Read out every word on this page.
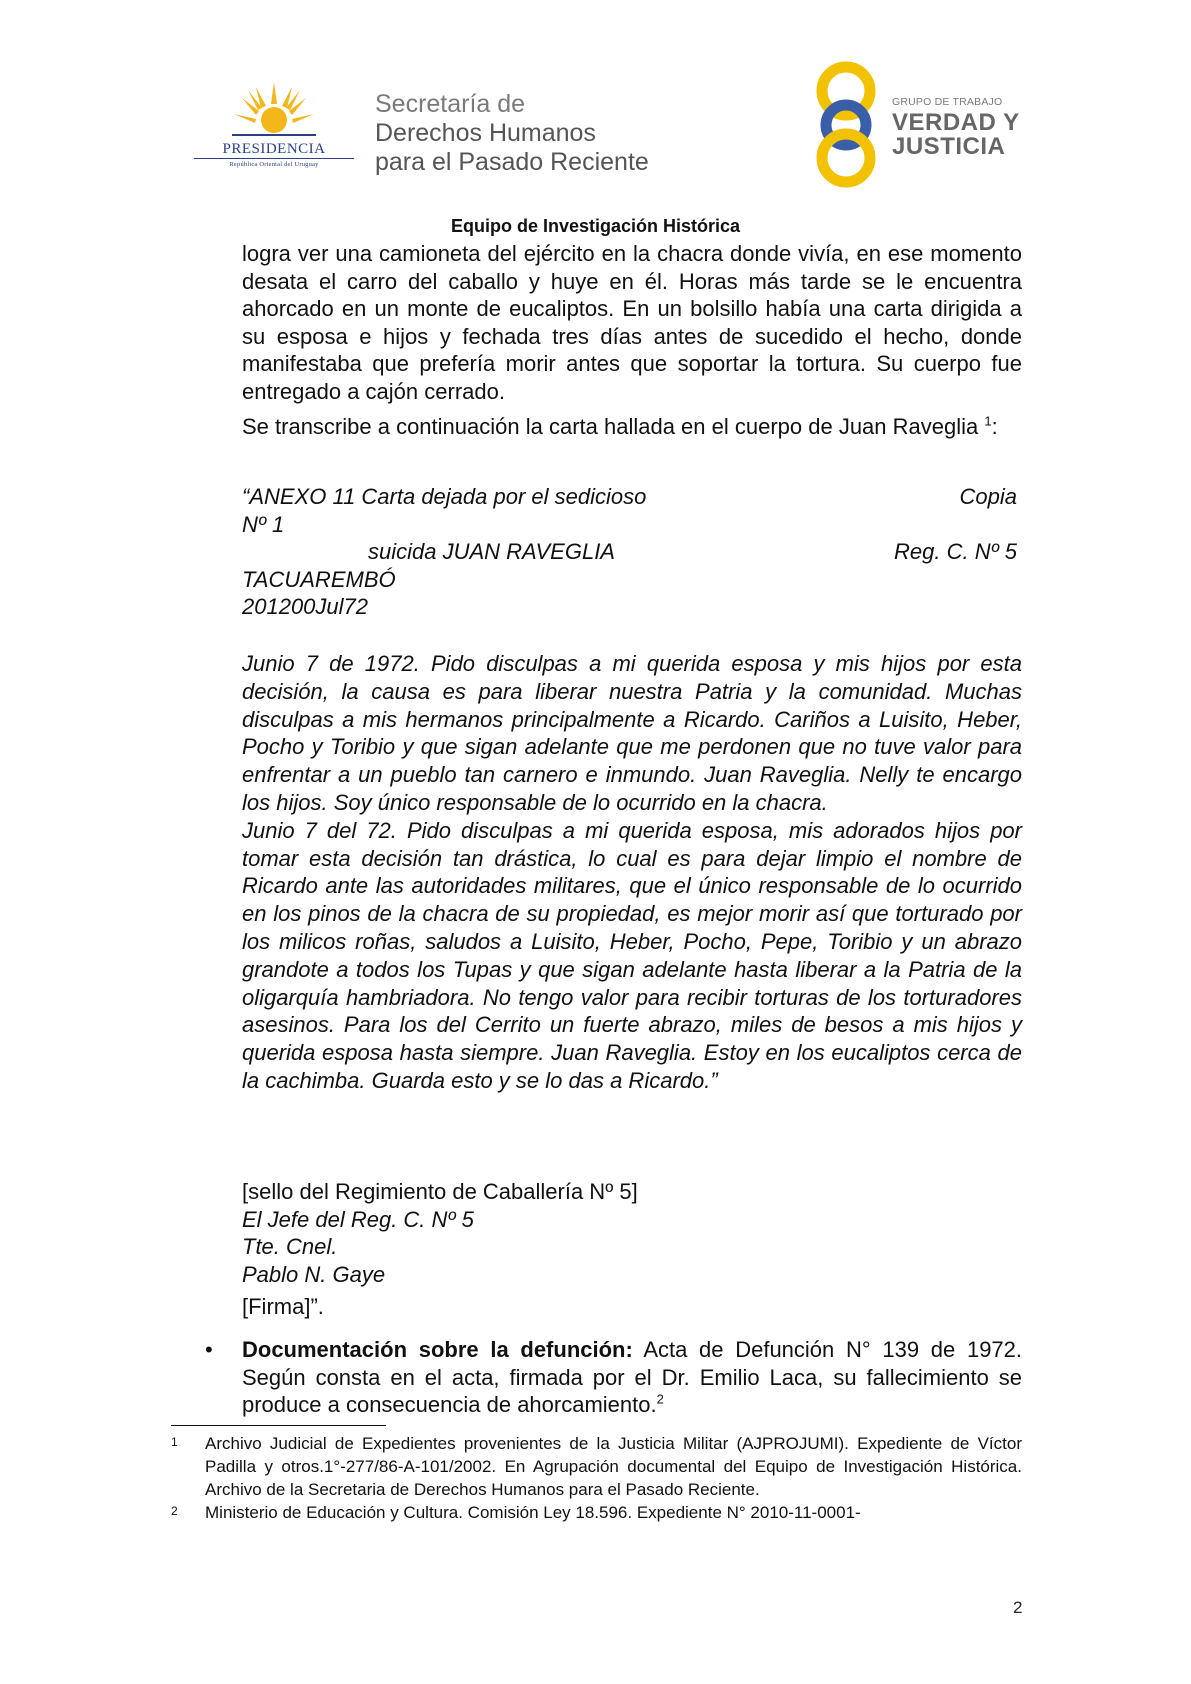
PRESIDENCIA
República Oriental del Uruguay
Secretaría de
Derechos Humanos
para el Pasado Reciente
GRUPO DE TRABAJO
VERDAD Y
JUSTICIA
Equipo de Investigación Histórica

logra ver una camioneta del ejército en la chacra donde vivía, en ese momento desata el carro del caballo y huye en él. Horas más tarde se le encuentra ahorcado en un monte de eucaliptos. En un bolsillo había una carta dirigida a su esposa e hijos y fechada tres días antes de sucedido el hecho, donde manifestaba que prefería morir antes que soportar la tortura. Su cuerpo fue entregado a cajón cerrado.

Se transcribe a continuación la carta hallada en el cuerpo de Juan Raveglia $^1$:

“ANEXO 11 Carta dejada por el sedicioso	Copia
Nº 1
suicida JUAN RAVEGLIA	Reg. C. Nº 5
TACUAREMBÓ
201200Jul72

Junio 7 de 1972. Pido disculpas a mi querida esposa y mis hijos por esta decisión, la causa es para liberar nuestra Patria y la comunidad. Muchas disculpas a mis hermanos principalmente a Ricardo. Cariños a Luisito, Heber, Pocho y Toribio y que sigan adelante que me perdonen que no tuve valor para enfrentar a un pueblo tan carnero e inmundo. Juan Raveglia. Nelly te encargo los hijos. Soy único responsable de lo ocurrido en la chacra.

Junio 7 del 72. Pido disculpas a mi querida esposa, mis adorados hijos por tomar esta decisión tan drástica, lo cual es para dejar limpio el nombre de Ricardo ante las autoridades militares, que el único responsable de lo ocurrido en los pinos de la chacra de su propiedad, es mejor morir así que torturado por los milicos roñas, saludos a Luisito, Heber, Pocho, Pepe, Toribio y un abrazo grandote a todos los Tupas y que sigan adelante hasta liberar a la Patria de la oligarquía hambriadora. No tengo valor para recibir torturas de los torturadores asesinos. Para los del Cerrito un fuerte abrazo, miles de besos a mis hijos y querida esposa hasta siempre. Juan Raveglia. Estoy en los eucaliptos cerca de la cachimba. Guarda esto y se lo das a Ricardo.”

[sello del Regimiento de Caballería Nº 5]
El Jefe del Reg. C. Nº 5
Tte. Cnel.
Pablo N. Gaye
[Firma]”.
• Documentación sobre la defunción: Acta de Defunción N° 139 de 1972. Según consta en el acta, firmada por el Dr. Emilio Laca, su fallecimiento se produce a consecuencia de ahorcamiento.$^2$

1 Archivo Judicial de Expedientes provenientes de la Justicia Militar (AJPROJUMI). Expediente de Víctor Padilla y otros.1°-277/86-A-101/2002. En Agrupación documental del Equipo de Investigación Histórica. Archivo de la Secretaria de Derechos Humanos para el Pasado Reciente.
2 Ministerio de Educación y Cultura. Comisión Ley 18.596. Expediente N° 2010-11-0001-
2
